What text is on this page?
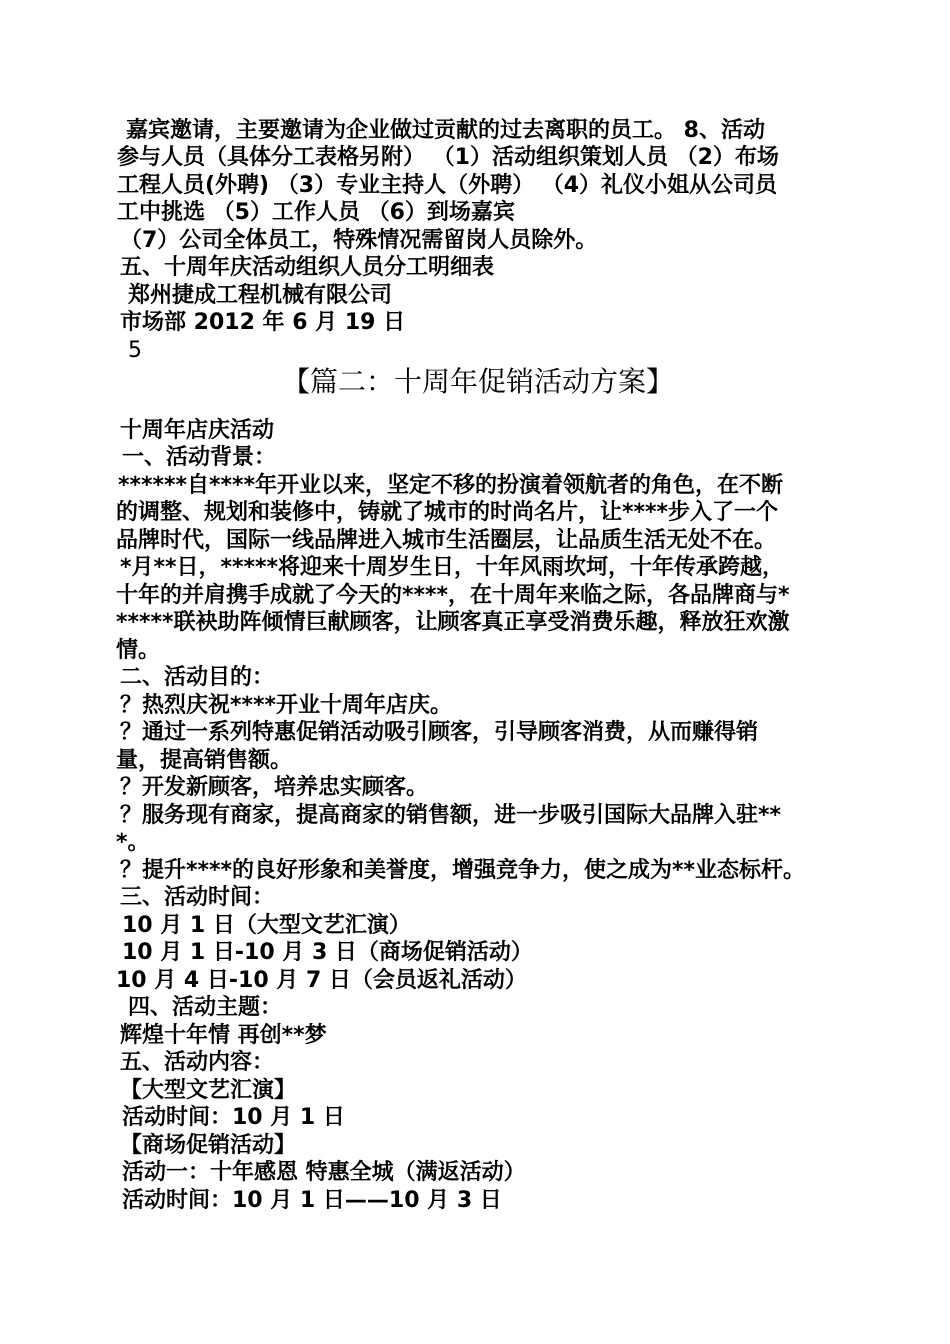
嘉宾邀请，主要邀请为企业做过贡献的过去离职的员工。 8、活动
参与人员（具体分工表格另附） （1）活动组织策划人员 （2）布场
工程人员(外聘) （3）专业主持人（外聘） （4）礼仪小姐从公司员
工中挑选 （5）工作人员 （6）到场嘉宾
（7）公司全体员工，特殊情况需留岗人员除外。
五、十周年庆活动组织人员分工明细表
郑州捷成工程机械有限公司
市场部 2012 年 6 月 19 日
5
【篇二：十周年促销活动方案】
十周年店庆活动
一、活动背景：
******自****年开业以来，坚定不移的扮演着领航者的角色，在不断
的调整、规划和装修中，铸就了城市的时尚名片，让****步入了一个
品牌时代，国际一线品牌进入城市生活圈层，让品质生活无处不在。
*月**日，*****将迎来十周岁生日，十年风雨坎坷，十年传承跨越，
十年的并肩携手成就了今天的****，在十周年来临之际，各品牌商与*
*****联袂助阵倾情巨献顾客，让顾客真正享受消费乐趣，释放狂欢激
情。
二、活动目的：
？热烈庆祝****开业十周年店庆。
？通过一系列特惠促销活动吸引顾客，引导顾客消费，从而赚得销
量，提高销售额。
？开发新顾客，培养忠实顾客。
？服务现有商家，提高商家的销售额，进一步吸引国际大品牌入驻**
*。
？提升****的良好形象和美誉度，增强竞争力，使之成为**业态标杆。
三、活动时间：
10 月 1 日（大型文艺汇演）
10 月 1 日-10 月 3 日（商场促销活动）
10 月 4 日-10 月 7 日（会员返礼活动）
四、活动主题：
辉煌十年情 再创**梦
五、活动内容：
【大型文艺汇演】
活动时间：10 月 1 日
【商场促销活动】
活动一：十年感恩 特惠全城（满返活动）
活动时间：10 月 1 日——10 月 3 日
